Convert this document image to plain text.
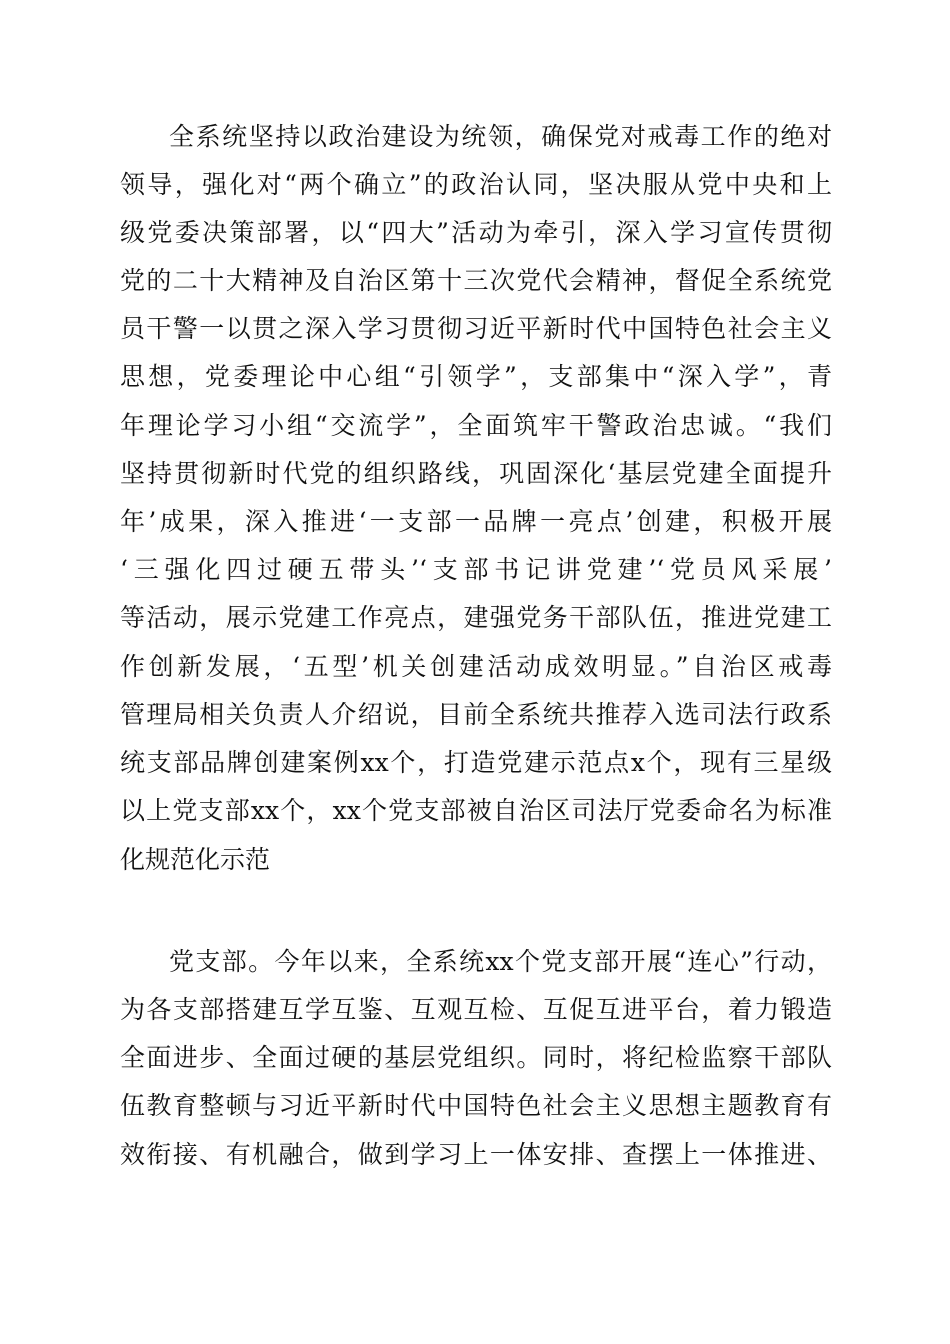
全系统坚持以政治建设为统领，确保党对戒毒工作的绝对
领导，强化对“两个确立”的政治认同，坚决服从党中央和上
级党委决策部署，以“四大”活动为牵引，深入学习宣传贯彻
党的二十大精神及自治区第十三次党代会精神，督促全系统党
员干警一以贯之深入学习贯彻习近平新时代中国特色社会主义
思想，党委理论中心组“引领学”，支部集中“深入学”，青
年理论学习小组“交流学”，全面筑牢干警政治忠诚。“我们
坚持贯彻新时代党的组织路线，巩固深化‘基层党建全面提升
年’成果，深入推进‘一支部一品牌一亮点’创建，积极开展
‘三强化四过硬五带头’‘支部书记讲党建’‘党员风采展’
等活动，展示党建工作亮点，建强党务干部队伍，推进党建工
作创新发展，‘五型’机关创建活动成效明显。”自治区戒毒
管理局相关负责人介绍说，目前全系统共推荐入选司法行政系
统支部品牌创建案例xx个，打造党建示范点x个，现有三星级
以上党支部xx个，xx个党支部被自治区司法厅党委命名为标准
化规范化示范
党支部。今年以来，全系统xx个党支部开展“连心”行动，
为各支部搭建互学互鉴、互观互检、互促互进平台，着力锻造
全面进步、全面过硬的基层党组织。同时，将纪检监察干部队
伍教育整顿与习近平新时代中国特色社会主义思想主题教育有
效衔接、有机融合，做到学习上一体安排、查摆上一体推进、
